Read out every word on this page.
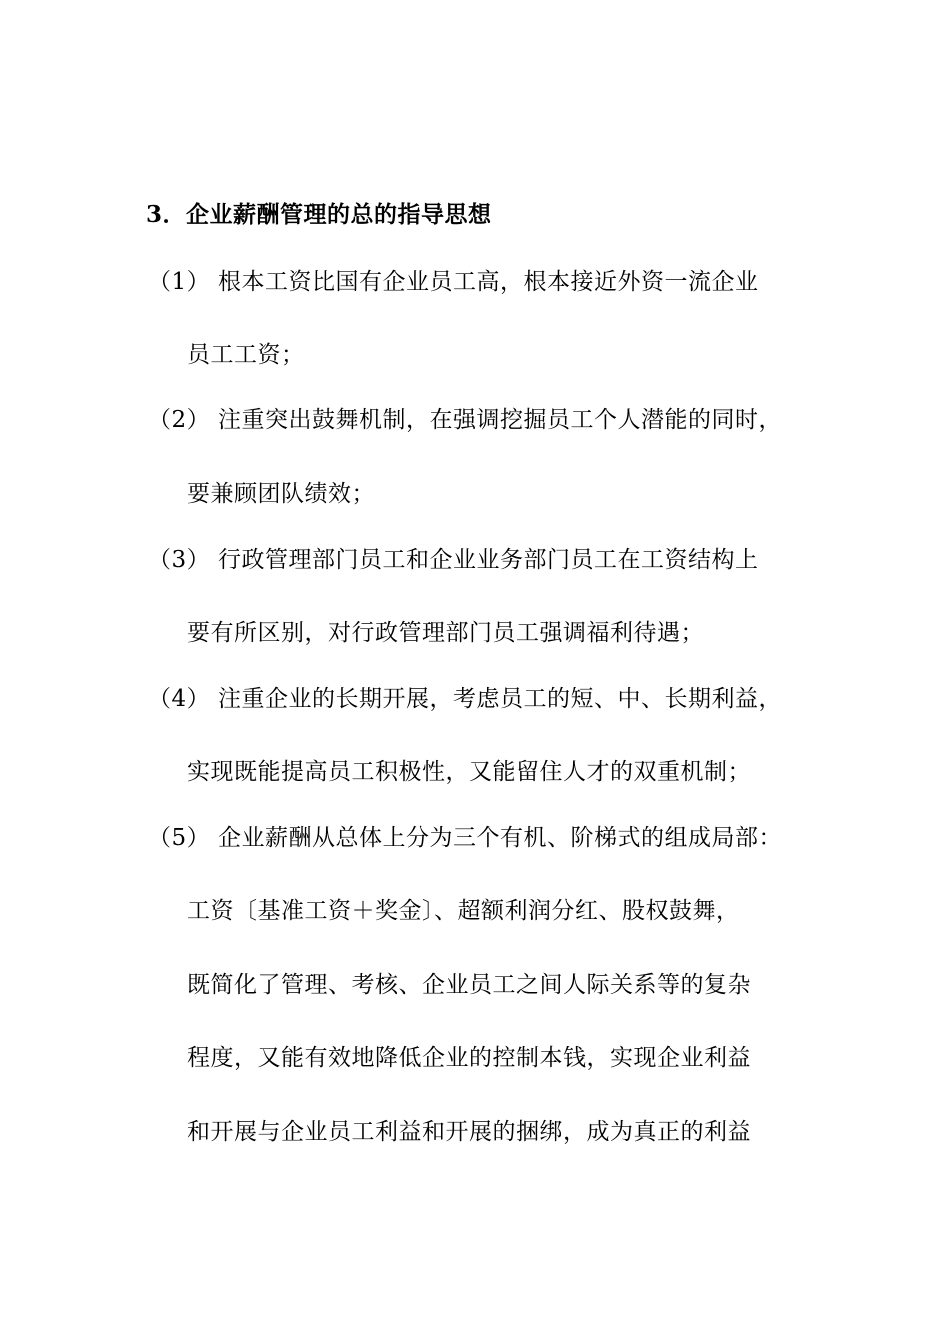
3．企业薪酬管理的总的指导思想
（1） 根本工资比国有企业员工高，根本接近外资一流企业
员工工资；
（2） 注重突出鼓舞机制，在强调挖掘员工个人潜能的同时，
要兼顾团队绩效；
（3） 行政管理部门员工和企业业务部门员工在工资结构上
要有所区别，对行政管理部门员工强调福利待遇；
（4） 注重企业的长期开展，考虑员工的短、中、长期利益，
实现既能提高员工积极性，又能留住人才的双重机制；
（5） 企业薪酬从总体上分为三个有机、阶梯式的组成局部：
工资〔基准工资＋奖金〕、超额利润分红、股权鼓舞，
既简化了管理、考核、企业员工之间人际关系等的复杂
程度，又能有效地降低企业的控制本钱，实现企业利益
和开展与企业员工利益和开展的捆绑，成为真正的利益
